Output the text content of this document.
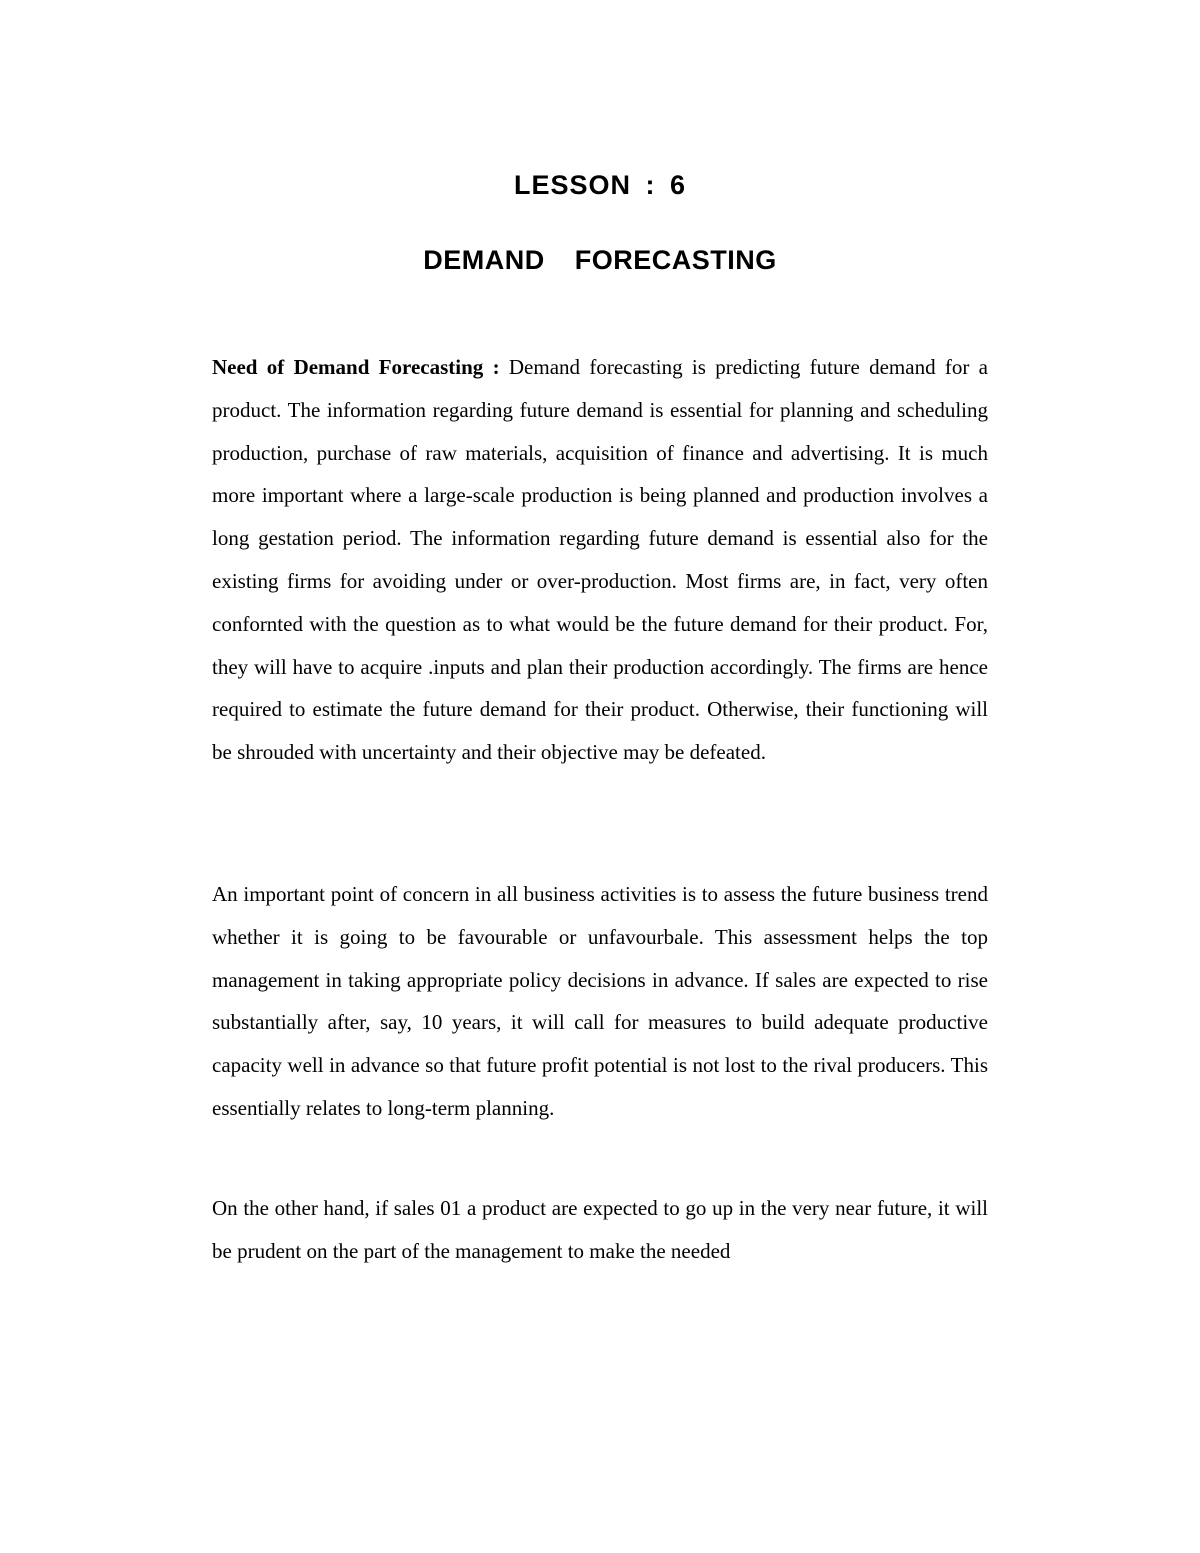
LESSON : 6
DEMAND FORECASTING

Need of Demand Forecasting : Demand forecasting is predicting future demand for a product. The information regarding future demand is essential for planning and scheduling production, purchase of raw materials, acquisition of finance and advertising. It is much more important where a large-scale production is being planned and production involves a long gestation period. The information regarding future demand is essential also for the existing firms for avoiding under or over-production. Most firms are, in fact, very often confornted with the question as to what would be the future demand for their product. For, they will have to acquire .inputs and plan their production accordingly. The firms are hence required to estimate the future demand for their product. Otherwise, their functioning will be shrouded with uncertainty and their objective may be defeated.

An important point of concern in all business activities is to assess the future business trend whether it is going to be favourable or unfavourbale. This assessment helps the top management in taking appropriate policy decisions in advance. If sales are expected to rise substantially after, say, 10 years, it will call for measures to build adequate productive capacity well in advance so that future profit potential is not lost to the rival producers. This essentially relates to long-term planning.

On the other hand, if sales 01 a product are expected to go up in the very near future, it will be prudent on the part of the management to make the needed
